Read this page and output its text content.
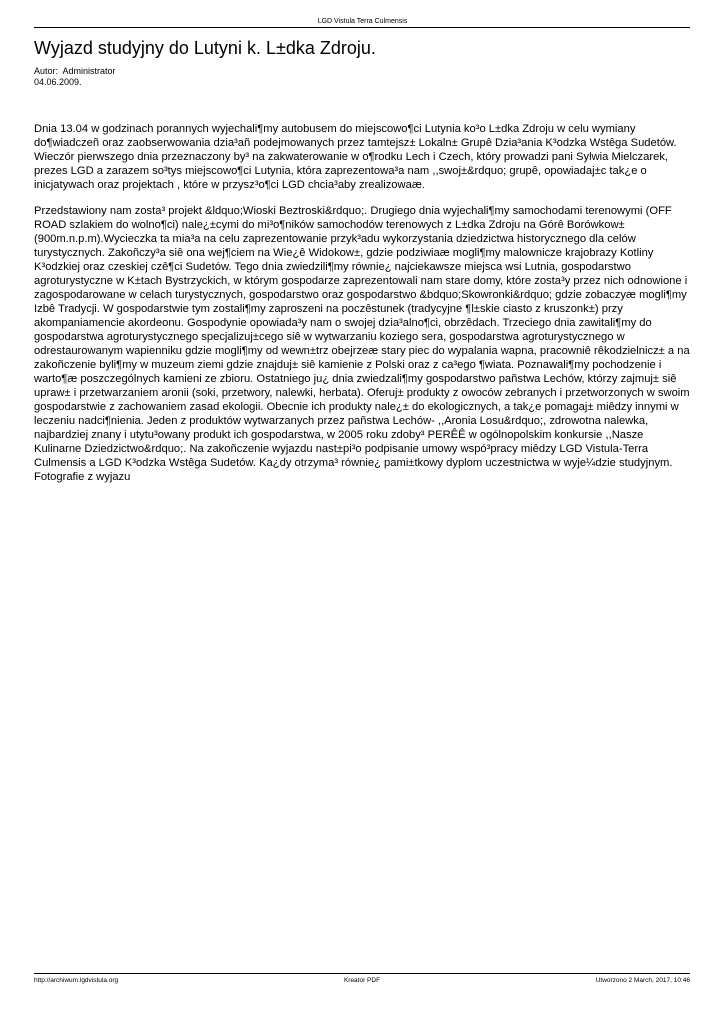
LGD Vistula Terra Culmensis
Wyjazd studyjny do Lutyni k. L±dka Zdroju.
Autor:  Administrator
04.06.2009.

Dnia 13.04 w godzinach porannych wyjechali¶my autobusem do miejscowo¶ci Lutynia ko³o L±dka Zdroju w celu wymiany do¶wiadczeñ oraz zaobserwowania dzia³añ podejmowanych przez tamtejsz± Lokaln± Grupê Dzia³ania K³odzka Wstêga Sudetów. Wieczór pierwszego dnia przeznaczony by³ na zakwaterowanie w o¶rodku Lech i Czech, który prowadzi pani Sylwia Mielczarek, prezes LGD a zarazem so³tys miejscowo¶ci Lutynia, która zaprezentowa³a nam ,,swoj±&rdquo; grupê, opowiadaj±c tak¿e o inicjatywach oraz projektach , które w przysz³o¶ci LGD chcia³aby zrealizowaæ.

Przedstawiony nam zosta³ projekt &ldquo;Wioski Beztroski&rdquo;. Drugiego dnia wyjechali¶my samochodami terenowymi (OFF ROAD szlakiem do wolno¶ci) nale¿±cymi do mi³o¶ników samochodów terenowych z L±dka Zdroju na Górê Borówkow± (900m.n.p.m).Wycieczka ta mia³a na celu zaprezentowanie przyk³adu wykorzystania dziedzictwa historycznego dla celów turystycznych. Zakoñczy³a siê ona wej¶ciem na Wie¿ê Widokow±, gdzie podziwiaæ mogli¶my malownicze krajobrazy Kotliny K³odzkiej oraz czeskiej czê¶ci Sudetów. Tego dnia zwiedzili¶my równie¿ najciekawsze miejsca wsi Lutnia, gospodarstwo agroturystyczne w K±tach Bystrzyckich, w którym gospodarze zaprezentowali nam stare domy, które zosta³y przez nich odnowione i zagospodarowane w celach turystycznych, gospodarstwo oraz gospodarstwo &bdquo;Skowronki&rdquo; gdzie zobaczyæ mogli¶my Izbê Tradycji. W gospodarstwie tym zostali¶my zaproszeni na poczêstunek (tradycyjne ¶l±skie ciasto z kruszonk±) przy akompaniamencie akordeonu. Gospodynie opowiada³y nam o swojej dzia³alno¶ci, obrzêdach. Trzeciego dnia zawitali¶my do gospodarstwa agroturystycznego specjalizuj±cego siê w wytwarzaniu koziego sera, gospodarstwa agroturystycznego w odrestaurowanym wapienniku gdzie mogli¶my od wewn±trz obejrzeæ stary piec do wypalania wapna, pracowniê rêkodzielnicz± a na zakoñczenie byli¶my w muzeum ziemi gdzie znajduj± siê kamienie z Polski oraz z ca³ego ¶wiata. Poznawali¶my pochodzenie i warto¶æ poszczególnych kamieni ze zbioru. Ostatniego ju¿ dnia zwiedzali¶my gospodarstwo pañstwa Lechów, którzy zajmuj± siê upraw± i przetwarzaniem aronii (soki, przetwory, nalewki, herbata). Oferuj± produkty z owoców zebranych i przetworzonych w swoim gospodarstwie z zachowaniem zasad ekologii. Obecnie ich produkty nale¿± do ekologicznych, a tak¿e pomagaj± miêdzy innymi w leczeniu nadci¶nienia. Jeden z produktów wytwarzanych przez pañstwa Lechów- ,,Aronia Losu&rdquo;, zdrowotna nalewka, najbardziej znany i utytu³owany produkt ich gospodarstwa, w 2005 roku zdoby³ PERÊÊ w ogólnopolskim konkursie ,,Nasze Kulinarne Dziedzictwo&rdquo;. Na zakoñczenie wyjazdu nast±pi³o podpisanie umowy wspó³pracy miêdzy LGD Vistula-Terra Culmensis a LGD K³odzka Wstêga Sudetów. Ka¿dy otrzyma³ równie¿ pami±tkowy dyplom uczestnictwa w wyje¼dzie studyjnym. Fotografie z wyjazu

http://archiwum.lgdvistula.org	Kreator PDF	Utworzono 2 March, 2017, 10:46
